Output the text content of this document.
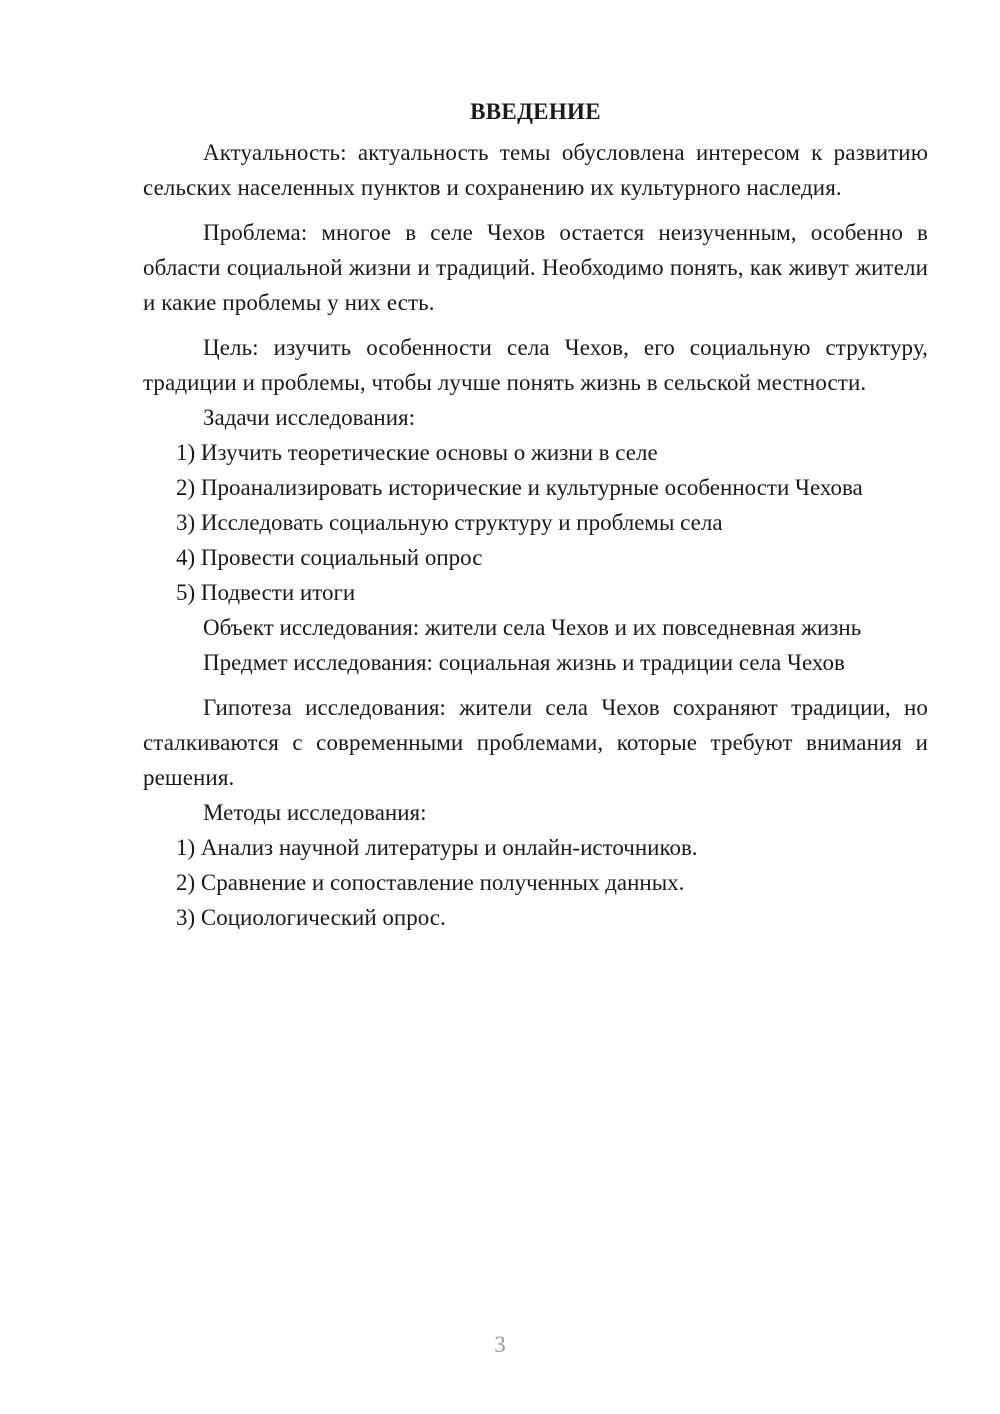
ВВЕДЕНИЕ

Актуальность: актуальность темы обусловлена интересом к развитию сельских населенных пунктов и сохранению их культурного наследия.

Проблема: многое в селе Чехов остается неизученным, особенно в области социальной жизни и традиций. Необходимо понять, как живут жители и какие проблемы у них есть.

Цель: изучить особенности села Чехов, его социальную структуру, традиции и проблемы, чтобы лучше понять жизнь в сельской местности.

Задачи исследования:

1) Изучить теоретические основы о жизни в селе

2) Проанализировать исторические и культурные особенности Чехова

3) Исследовать социальную структуру и проблемы села

4) Провести социальный опрос

5) Подвести итоги

Объект исследования: жители села Чехов и их повседневная жизнь

Предмет исследования: социальная жизнь и традиции села Чехов

Гипотеза исследования: жители села Чехов сохраняют традиции, но сталкиваются с современными проблемами, которые требуют внимания и решения.

Методы исследования:

1) Анализ научной литературы и онлайн-источников.

2) Сравнение и сопоставление полученных данных.

3) Социологический опрос.

3
